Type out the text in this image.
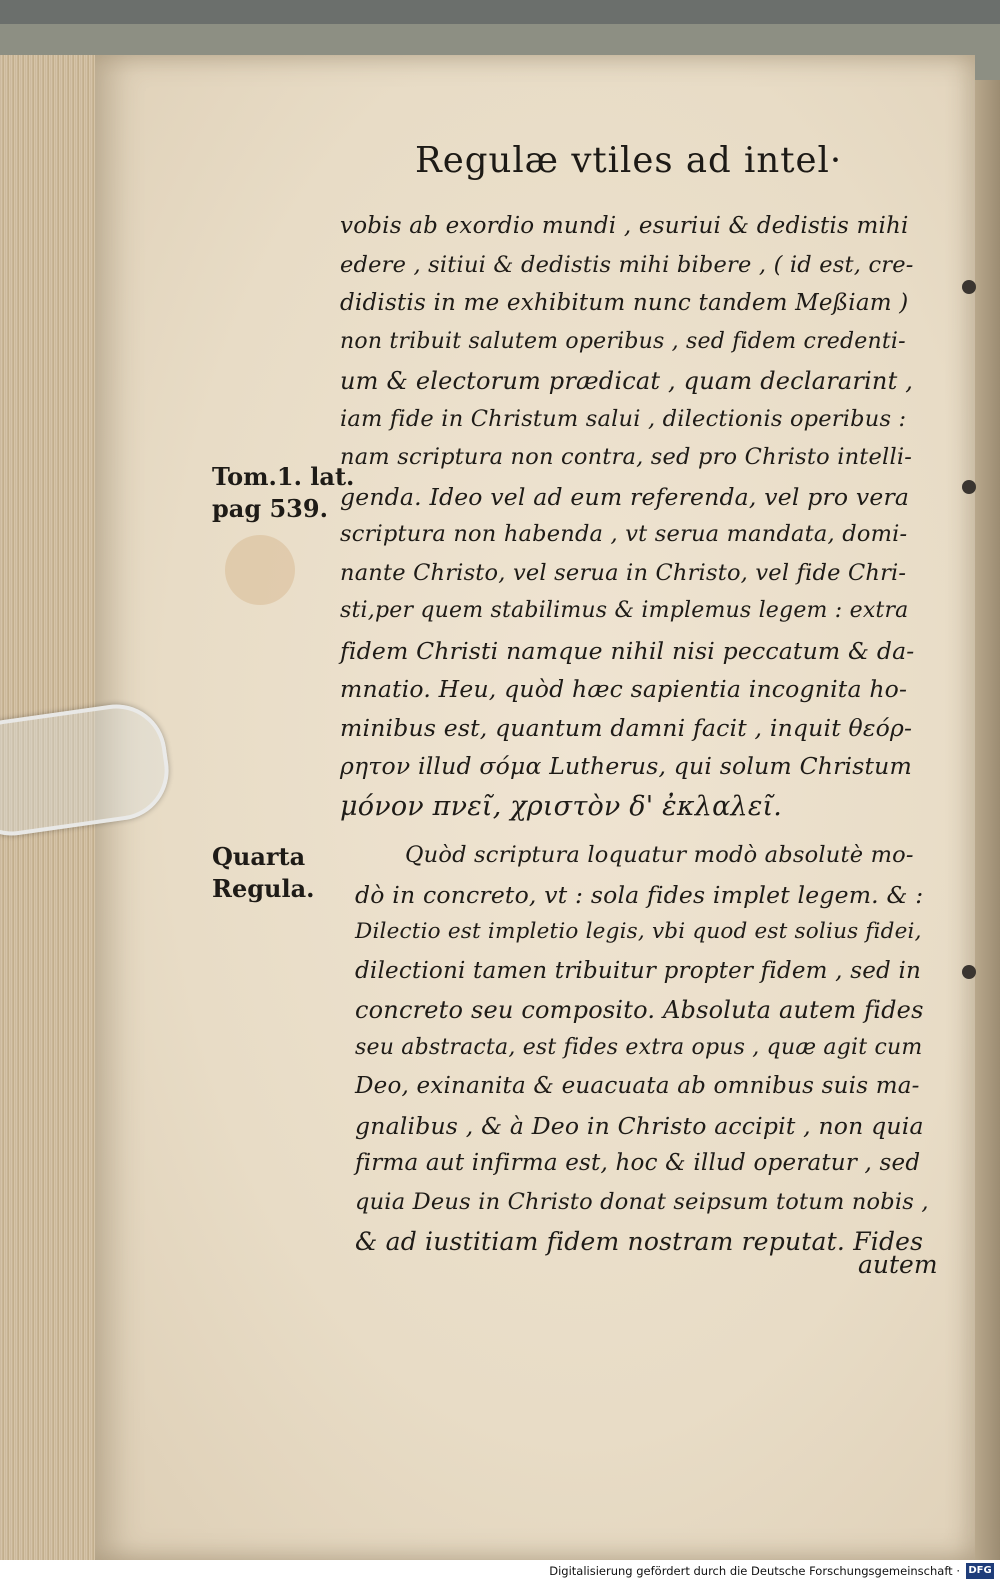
Regulæ vtiles ad intel·
Tom.1. lat.
pag 539.
Quarta
Regula.
vobis ab exordio mundi , esuriui & dedistis mihi
edere , sitiui & dedistis mihi bibere , ( id est, cre-
didistis in me exhibitum nunc tandem Meßiam )
non tribuit salutem operibus , sed fidem credenti-
um & electorum prædicat , quam declararint ,
iam fide in Christum salui , dilectionis operibus :
nam scriptura non contra, sed pro Christo intelli-
genda. Ideo vel ad eum referenda, vel pro vera
scriptura non habenda , vt serua mandata, domi-
nante Christo, vel serua in Christo, vel fide Chri-
sti,per quem stabilimus & implemus legem : extra
fidem Christi namque nihil nisi peccatum & da-
mnatio. Heu, quòd hæc sapientia incognita ho-
minibus est, quantum damni facit , inquit θεόρ-
ρητον illud σόμα Lutherus, qui solum Christum
μόνον πνεῖ, χριστὸν δ' ἐκλαλεῖ.
Quòd scriptura loquatur modò absolutè mo-
dò in concreto, vt : sola fides implet legem. & :
Dilectio est impletio legis, vbi quod est solius fidei,
dilectioni tamen tribuitur propter fidem , sed in
concreto seu composito. Absoluta autem fides
seu abstracta, est fides extra opus , quæ agit cum
Deo, exinanita & euacuata ab omnibus suis ma-
gnalibus , & à Deo in Christo accipit , non quia
firma aut infirma est, hoc & illud operatur , sed
quia Deus in Christo donat seipsum totum nobis ,
& ad iustitiam fidem nostram reputat. Fides
autem
Digitalisierung gefördert durch die Deutsche Forschungsgemeinschaft · DFG
